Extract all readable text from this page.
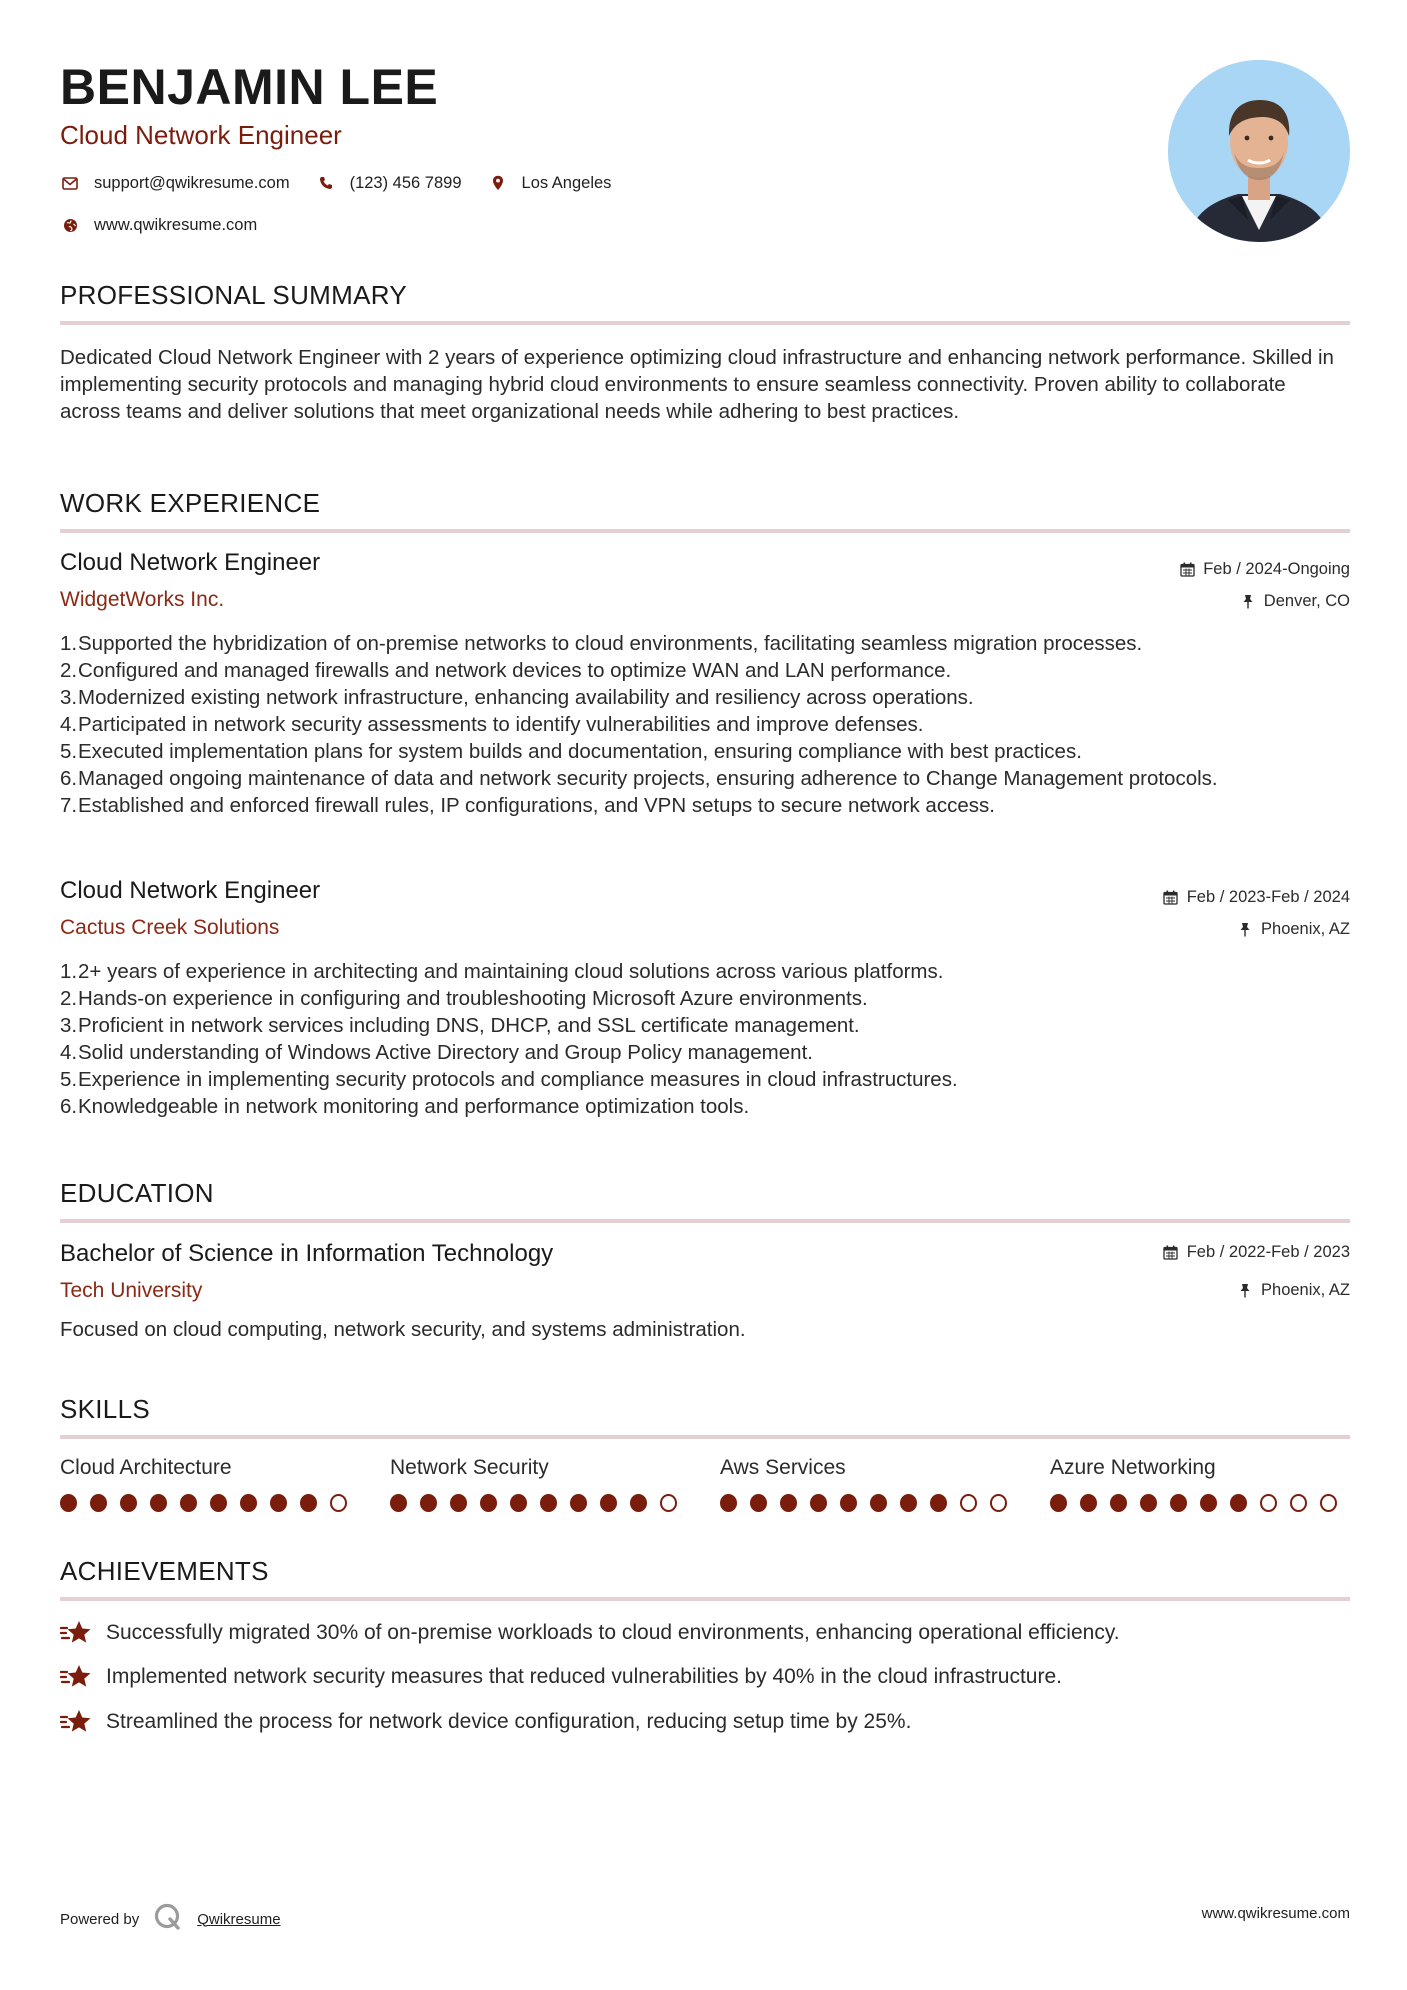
BENJAMIN LEE
Cloud Network Engineer
support@qwikresume.com	(123) 456 7899	Los Angeles
www.qwikresume.com
PROFESSIONAL SUMMARY
Dedicated Cloud Network Engineer with 2 years of experience optimizing cloud infrastructure and enhancing network performance. Skilled in implementing security protocols and managing hybrid cloud environments to ensure seamless connectivity. Proven ability to collaborate across teams and deliver solutions that meet organizational needs while adhering to best practices.
WORK EXPERIENCE
Cloud Network Engineer	Feb / 2024-Ongoing
WidgetWorks Inc.	Denver, CO
1. Supported the hybridization of on-premise networks to cloud environments, facilitating seamless migration processes.
2. Configured and managed firewalls and network devices to optimize WAN and LAN performance.
3. Modernized existing network infrastructure, enhancing availability and resiliency across operations.
4. Participated in network security assessments to identify vulnerabilities and improve defenses.
5. Executed implementation plans for system builds and documentation, ensuring compliance with best practices.
6. Managed ongoing maintenance of data and network security projects, ensuring adherence to Change Management protocols.
7. Established and enforced firewall rules, IP configurations, and VPN setups to secure network access.
Cloud Network Engineer	Feb / 2023-Feb / 2024
Cactus Creek Solutions	Phoenix, AZ
1. 2+ years of experience in architecting and maintaining cloud solutions across various platforms.
2. Hands-on experience in configuring and troubleshooting Microsoft Azure environments.
3. Proficient in network services including DNS, DHCP, and SSL certificate management.
4. Solid understanding of Windows Active Directory and Group Policy management.
5. Experience in implementing security protocols and compliance measures in cloud infrastructures.
6. Knowledgeable in network monitoring and performance optimization tools.
EDUCATION
Bachelor of Science in Information Technology	Feb / 2022-Feb / 2023
Tech University	Phoenix, AZ
Focused on cloud computing, network security, and systems administration.
SKILLS
Cloud Architecture	Network Security	Aws Services	Azure Networking
ACHIEVEMENTS
Successfully migrated 30% of on-premise workloads to cloud environments, enhancing operational efficiency.
Implemented network security measures that reduced vulnerabilities by 40% in the cloud infrastructure.
Streamlined the process for network device configuration, reducing setup time by 25%.
Powered by	Qwikresume	www.qwikresume.com
